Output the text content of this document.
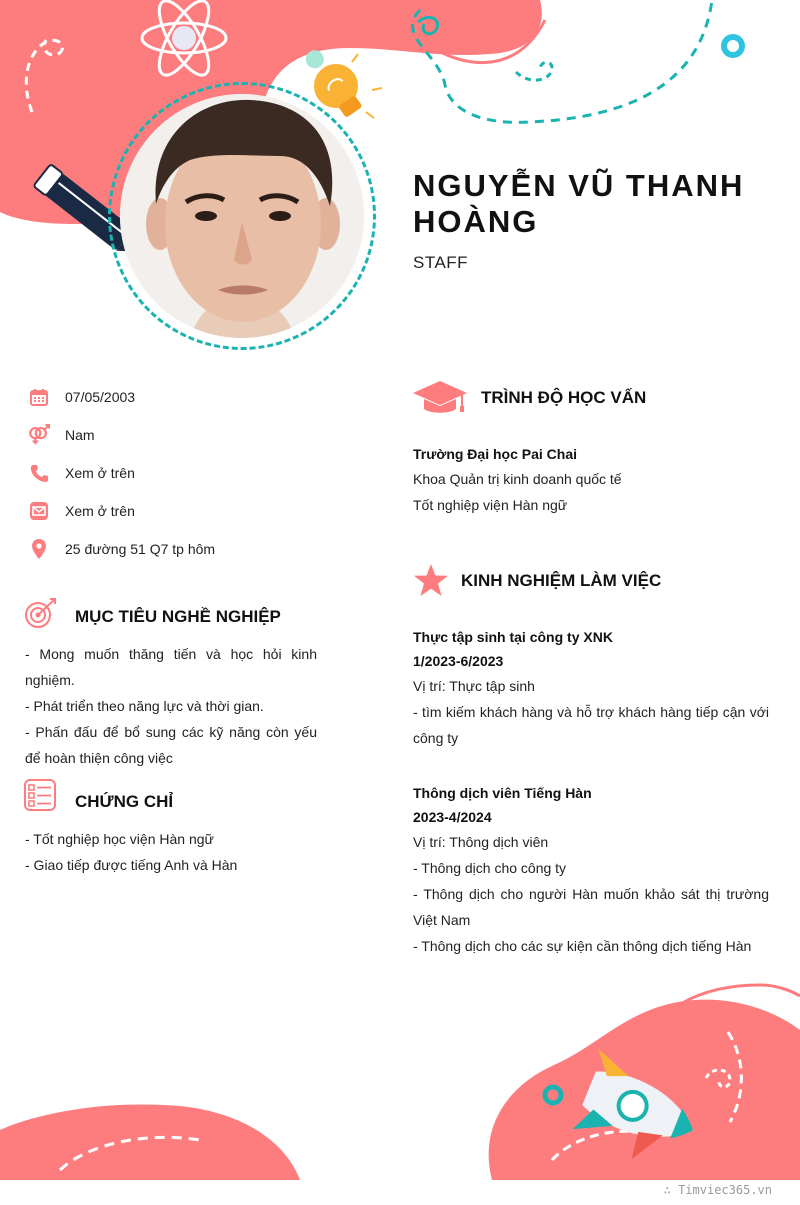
NGUYỄN VŨ THANH HOÀNG
STAFF
07/05/2003
Nam
Xem ở trên
Xem ở trên
25 đường 51 Q7 tp hôm
MỤC TIÊU NGHỀ NGHIỆP
- Mong muốn thăng tiến và học hỏi kinh nghiệm.
- Phát triển theo năng lực và thời gian.
- Phấn đấu để bổ sung các kỹ năng còn yếu để hoàn thiện công việc
CHỨNG CHỈ
- Tốt nghiệp học viện Hàn ngữ
- Giao tiếp được tiếng Anh và Hàn
TRÌNH ĐỘ HỌC VẤN
Trường Đại học Pai Chai
Khoa Quản trị kinh doanh quốc tế
Tốt nghiệp viện Hàn ngữ
KINH NGHIỆM LÀM VIỆC
Thực tập sinh tại công ty XNK
1/2023-6/2023
Vị trí: Thực tập sinh
- tìm kiếm khách hàng và hỗ trợ khách hàng tiếp cận với công ty
Thông dịch viên Tiếng Hàn
2023-4/2024
Vị trí: Thông dịch viên
- Thông dịch cho công ty
- Thông dịch cho người Hàn muốn khảo sát thị trường Việt Nam
- Thông dịch cho các sự kiện cần thông dịch tiếng Hàn
∴ Timviec365.vn
